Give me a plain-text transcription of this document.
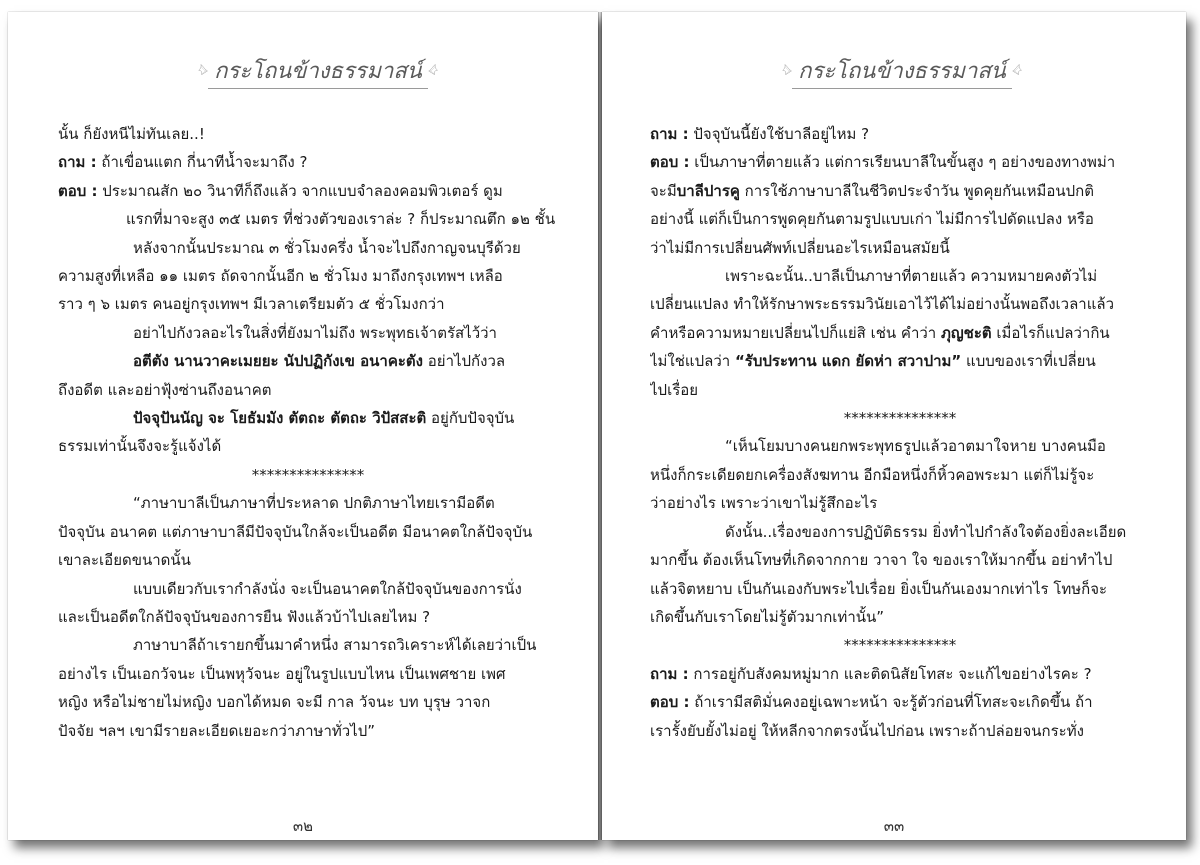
กระโถนข้างธรรมาสน์
นั้น ก็ยังหนีไม่ทันเลย..!
ถาม : ถ้าเขื่อนแตก กี่นาทีน้ำจะมาถึง ?
ตอบ : ประมาณสัก ๒๐ วินาทีก็ถึงแล้ว จากแบบจำลองคอมพิวเตอร์ ดูม
แรกที่มาจะสูง ๓๕ เมตร ที่ช่วงตัวของเราล่ะ ? ก็ประมาณตึก ๑๒ ชั้น
หลังจากนั้นประมาณ ๓ ชั่วโมงครึ่ง น้ำจะไปถึงกาญจนบุรีด้วย
ความสูงที่เหลือ ๑๑ เมตร ถัดจากนั้นอีก ๒ ชั่วโมง มาถึงกรุงเทพฯ เหลือ
ราว ๆ ๖ เมตร คนอยู่กรุงเทพฯ มีเวลาเตรียมตัว ๕ ชั่วโมงกว่า
อย่าไปกังวลอะไรในสิ่งที่ยังมาไม่ถึง พระพุทธเจ้าตรัสไว้ว่า
อตีตัง นานวาคะเมยยะ นัปปฏิกังเข อนาคะตัง อย่าไปกังวล
ถึงอดีต และอย่าฟุ้งซ่านถึงอนาคต
ปัจจุปันนัญ จะ โยธัมมัง ตัตถะ ตัตถะ วิปัสสะติ อยู่กับปัจจุบัน
ธรรมเท่านั้นจึงจะรู้แจ้งได้
***************
“ภาษาบาลีเป็นภาษาที่ประหลาด ปกติภาษาไทยเรามีอดีต
ปัจจุบัน อนาคต แต่ภาษาบาลีมีปัจจุบันใกล้จะเป็นอดีต มีอนาคตใกล้ปัจจุบัน
เขาละเอียดขนาดนั้น
แบบเดียวกับเรากำลังนั่ง จะเป็นอนาคตใกล้ปัจจุบันของการนั่ง
และเป็นอดีตใกล้ปัจจุบันของการยืน ฟังแล้วบ้าไปเลยไหม ?
ภาษาบาลีถ้าเรายกขึ้นมาคำหนึ่ง สามารถวิเคราะห์ได้เลยว่าเป็น
อย่างไร เป็นเอกวัจนะ เป็นพหุวัจนะ อยู่ในรูปแบบไหน เป็นเพศชาย เพศ
หญิง หรือไม่ชายไม่หญิง บอกได้หมด จะมี กาล วัจนะ บท บุรุษ วาจก
ปัจจัย ฯลฯ เขามีรายละเอียดเยอะกว่าภาษาทั่วไป”
๓๒
กระโถนข้างธรรมาสน์
ถาม : ปัจจุบันนี้ยังใช้บาลีอยู่ไหม ?
ตอบ : เป็นภาษาที่ตายแล้ว แต่การเรียนบาลีในขั้นสูง ๆ อย่างของทางพม่า
จะมีบาลีปารคู การใช้ภาษาบาลีในชีวิตประจำวัน พูดคุยกันเหมือนปกติ
อย่างนี้ แต่ก็เป็นการพูดคุยกันตามรูปแบบเก่า ไม่มีการไปดัดแปลง หรือ
ว่าไม่มีการเปลี่ยนศัพท์เปลี่ยนอะไรเหมือนสมัยนี้
เพราะฉะนั้น..บาลีเป็นภาษาที่ตายแล้ว ความหมายคงตัวไม่
เปลี่ยนแปลง ทำให้รักษาพระธรรมวินัยเอาไว้ได้ไม่อย่างนั้นพอถึงเวลาแล้ว
คำหรือความหมายเปลี่ยนไปก็แย่สิ เช่น คำว่า ภุญชะติ เมื่อไรก็แปลว่ากิน
ไม่ใช่แปลว่า “รับประทาน แดก ยัดห่า สวาปาม” แบบของเราที่เปลี่ยน
ไปเรื่อย
***************
“เห็นโยมบางคนยกพระพุทธรูปแล้วอาตมาใจหาย บางคนมือ
หนึ่งก็กระเดียดยกเครื่องสังฆทาน อีกมือหนึ่งก็หิ้วคอพระมา แต่ก็ไม่รู้จะ
ว่าอย่างไร เพราะว่าเขาไม่รู้สึกอะไร
ดังนั้น..เรื่องของการปฏิบัติธรรม ยิ่งทำไปกำลังใจต้องยิ่งละเอียด
มากขึ้น ต้องเห็นโทษที่เกิดจากกาย วาจา ใจ ของเราให้มากขึ้น อย่าทำไป
แล้วจิตหยาบ เป็นกันเองกับพระไปเรื่อย ยิ่งเป็นกันเองมากเท่าไร โทษก็จะ
เกิดขึ้นกับเราโดยไม่รู้ตัวมากเท่านั้น”
***************
ถาม : การอยู่กับสังคมหมู่มาก และติดนิสัยโทสะ จะแก้ไขอย่างไรคะ ?
ตอบ : ถ้าเรามีสติมั่นคงอยู่เฉพาะหน้า จะรู้ตัวก่อนที่โทสะจะเกิดขึ้น ถ้า
เรารั้งยับยั้งไม่อยู่ ให้หลีกจากตรงนั้นไปก่อน เพราะถ้าปล่อยจนกระทั่ง
๓๓
